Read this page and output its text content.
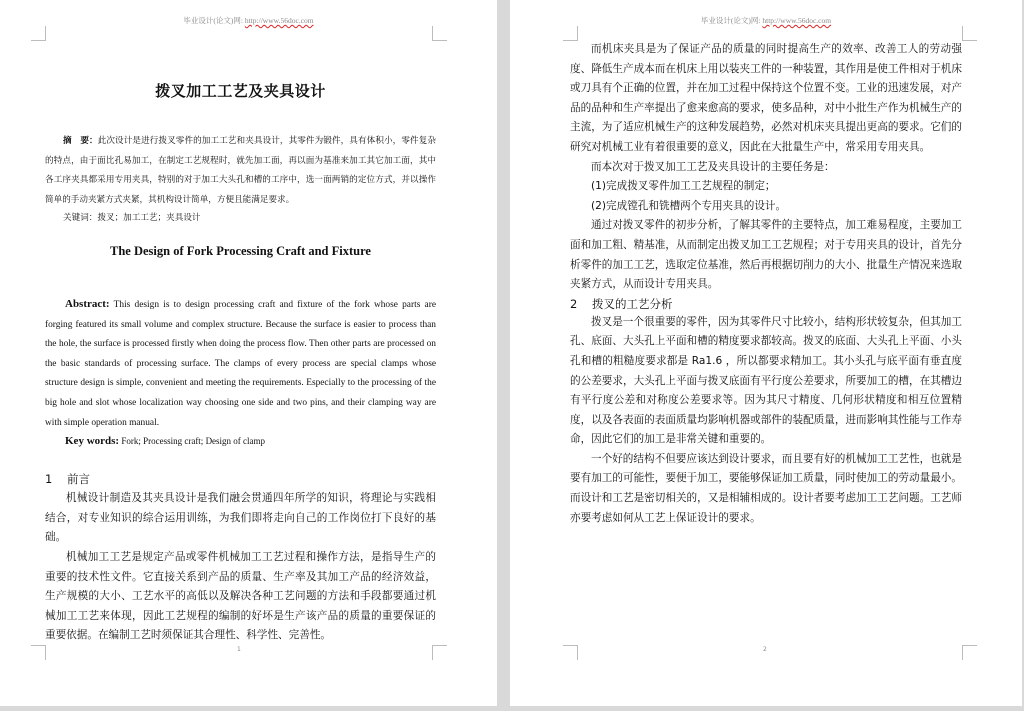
毕业设计(论文)网: http://www.56doc.com
1
拨叉加工工艺及夹具设计
摘　要：此次设计是进行拨叉零件的加工工艺和夹具设计，其零件为锻件，具有体积小，零件复杂的特点，由于面比孔易加工，在制定工艺规程时，就先加工面，再以面为基准来加工其它加工面，其中各工序夹具都采用专用夹具，特别的对于加工大头孔和槽的工序中，选一面两销的定位方式，并以操作简单的手动夹紧方式夹紧，其机构设计简单，方便且能满足要求。
关键词：拨叉；加工工艺；夹具设计
The Design of Fork Processing Craft and Fixture
Abstract: This design is to design processing craft and fixture of the fork whose parts are forging featured its small volume and complex structure. Because the surface is easier to process than the hole, the surface is processed firstly when doing the process flow. Then other parts are processed on the basic standards of processing surface. The clamps of every process are special clamps whose structure design is simple, convenient and meeting the requirements. Especially to the processing of the big hole and slot whose localization way choosing one side and two pins, and their clamping way are with simple operation manual.
Key words: Fork; Processing craft; Design of clamp
1 前言

机械设计制造及其夹具设计是我们融会贯通四年所学的知识，将理论与实践相结合，对专业知识的综合运用训练，为我们即将走向自己的工作岗位打下良好的基础。

机械加工工艺是规定产品或零件机械加工工艺过程和操作方法，是指导生产的重要的技术性文件。它直接关系到产品的质量、生产率及其加工产品的经济效益，生产规模的大小、工艺水平的高低以及解决各种工艺问题的方法和手段都要通过机械加工工艺来体现，因此工艺规程的编制的好坏是生产该产品的质量的重要保证的重要依据。在编制工艺时须保证其合理性、科学性、完善性。

毕业设计(论文)网: http://www.56doc.com
2

而机床夹具是为了保证产品的质量的同时提高生产的效率、改善工人的劳动强度、降低生产成本而在机床上用以装夹工件的一种装置，其作用是使工件相对于机床或刀具有个正确的位置，并在加工过程中保持这个位置不变。工业的迅速发展，对产品的品种和生产率提出了愈来愈高的要求，使多品种，对中小批生产作为机械生产的主流，为了适应机械生产的这种发展趋势，必然对机床夹具提出更高的要求。它们的研究对机械工业有着很重要的意义，因此在大批量生产中，常采用专用夹具。

而本次对于拨叉加工工艺及夹具设计的主要任务是：

(1)完成拨叉零件加工工艺规程的制定；

(2)完成镗孔和铣槽两个专用夹具的设计。

通过对拨叉零件的初步分析，了解其零件的主要特点，加工难易程度，主要加工面和加工粗、精基准，从而制定出拨叉加工工艺规程；对于专用夹具的设计，首先分析零件的加工工艺，选取定位基准，然后再根据切削力的大小、批量生产情况来选取夹紧方式，从而设计专用夹具。

2 拨叉的工艺分析

拨叉是一个很重要的零件，因为其零件尺寸比较小，结构形状较复杂，但其加工孔、底面、大头孔上平面和槽的精度要求都较高。拨叉的底面、大头孔上平面、小头孔和槽的粗糙度要求都是 Ra1.6 ，所以都要求精加工。其小头孔与底平面有垂直度的公差要求，大头孔上平面与拨叉底面有平行度公差要求，所要加工的槽，在其槽边有平行度公差和对称度公差要求等。因为其尺寸精度、几何形状精度和相互位置精度，以及各表面的表面质量均影响机器或部件的装配质量，进而影响其性能与工作寿命，因此它们的加工是非常关键和重要的。

一个好的结构不但要应该达到设计要求，而且要有好的机械加工工艺性，也就是要有加工的可能性，要便于加工，要能够保证加工质量，同时使加工的劳动量最小。而设计和工艺是密切相关的，又是相辅相成的。设计者要考虑加工工艺问题。工艺师亦要考虑如何从工艺上保证设计的要求。
